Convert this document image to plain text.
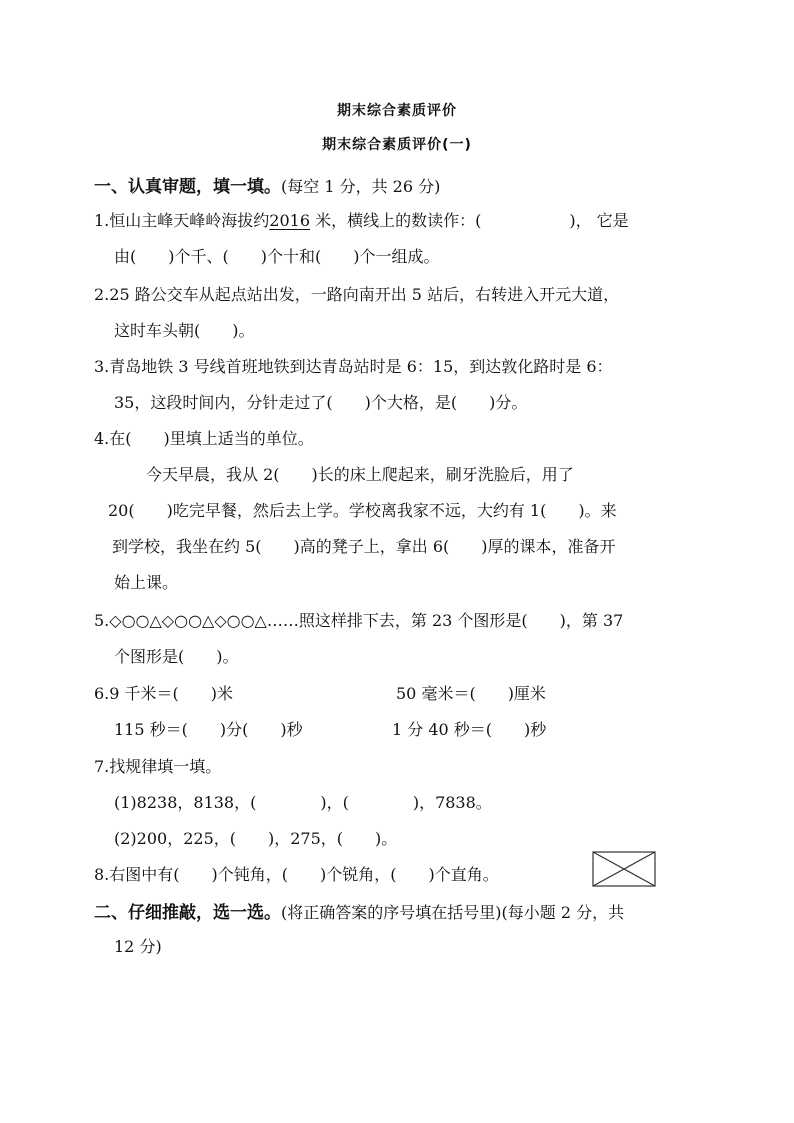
期末综合素质评价
期末综合素质评价(一)
一、认真审题，填一填。(每空 1 分，共 26 分)
1.恒山主峰天峰岭海拔约2016 米，横线上的数读作：(	)， 它是
由(　　)个千、(　　)个十和(　　)个一组成。
2.25 路公交车从起点站出发，一路向南开出 5 站后，右转进入开元大道，
这时车头朝(　　)。
3.青岛地铁 3 号线首班地铁到达青岛站时是 6：15，到达敦化路时是 6：
35，这段时间内，分针走过了(　　)个大格，是(　　)分。
4.在(　　)里填上适当的单位。
今天早晨，我从 2(　　)长的床上爬起来，刷牙洗脸后，用了
20(　　)吃完早餐，然后去上学。学校离我家不远，大约有 1(　　)。来
到学校，我坐在约 5(　　)高的凳子上，拿出 6(　　)厚的课本，准备开
始上课。
5.◇○○△◇○○△◇○○△……照这样排下去，第 23 个图形是(　　)，第 37
个图形是(　　)。
6.9 千米＝(　　)米	50 毫米＝(　　)厘米
115 秒＝(　　)分(　　)秒	1 分 40 秒＝(　　)秒
7.找规律填一填。
(1)8238，8138，(　　　　)，(　　　　)，7838。
(2)200，225，(　　)，275，(　　)。
8.右图中有(　　)个钝角，(　　)个锐角，(　　)个直角。
二、仔细推敲，选一选。(将正确答案的序号填在括号里)(每小题 2 分，共
12 分)
